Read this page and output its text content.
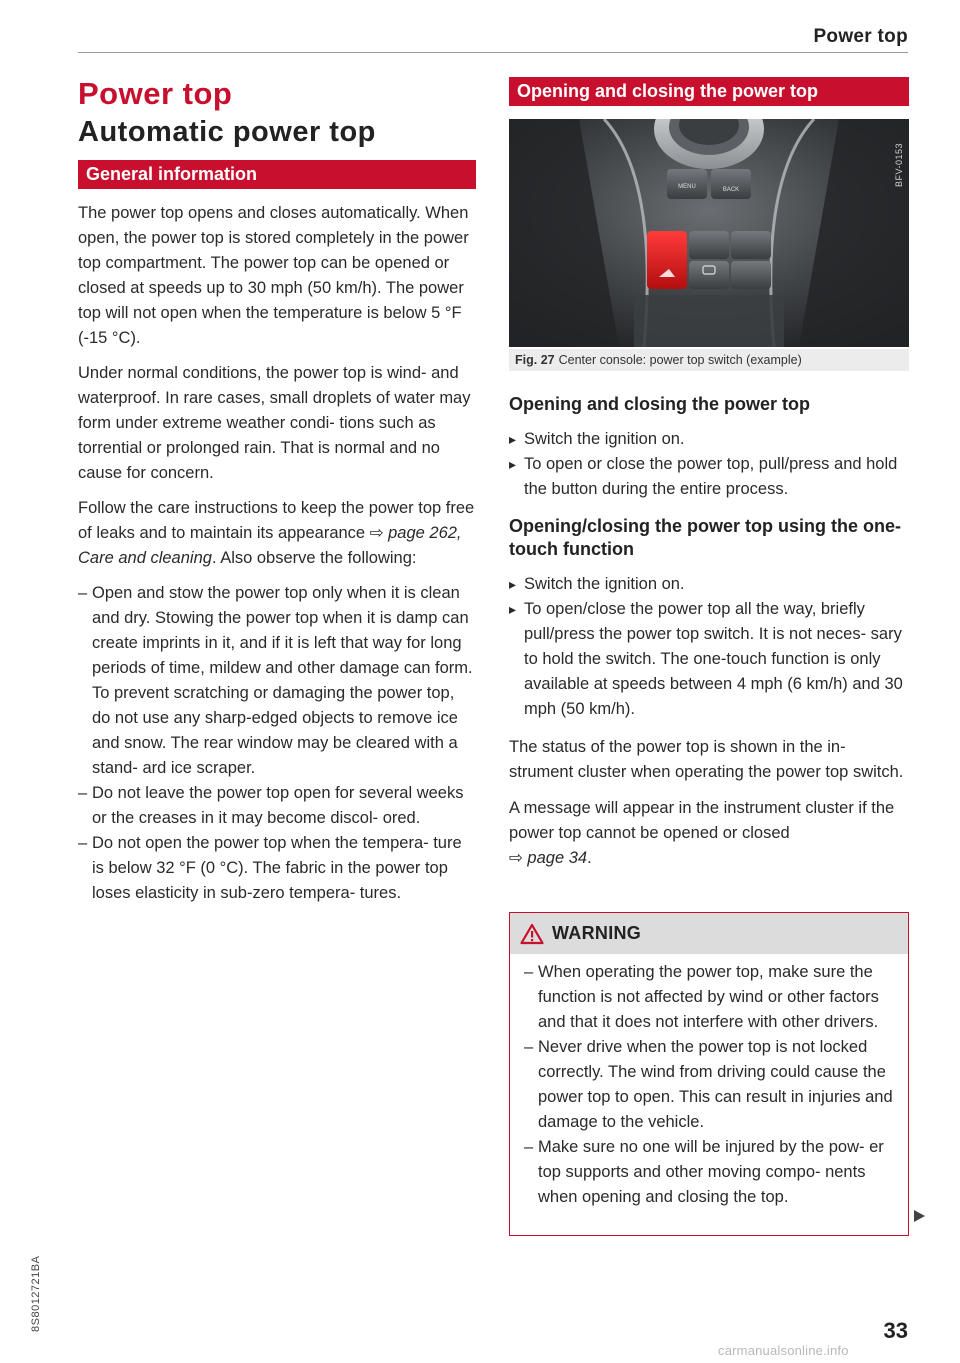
Power top
Power top
Automatic power top
General information

The power top opens and closes automatically. When open, the power top is stored completely in the power top compartment. The power top can be opened or closed at speeds up to 30 mph (50 km/h). The power top will not open when the temperature is below 5 °F (-15 °C).

Under normal conditions, the power top is wind- and waterproof. In rare cases, small droplets of water may form under extreme weather condi- tions such as torrential or prolonged rain. That is normal and no cause for concern.

Follow the care instructions to keep the power top free of leaks and to maintain its appearance ⇨ page 262, Care and cleaning. Also observe the following:

– Open and stow the power top only when it is clean and dry. Stowing the power top when it is damp can create imprints in it, and if it is left that way for long periods of time, mildew and other damage can form. To prevent scratching or damaging the power top, do not use any sharp-edged objects to remove ice and snow. The rear window may be cleared with a stand- ard ice scraper.
– Do not leave the power top open for several weeks or the creases in it may become discol- ored.
– Do not open the power top when the tempera- ture is below 32 °F (0 °C). The fabric in the power top loses elasticity in sub-zero tempera- tures.
Opening and closing the power top
MENU	BACK
BFV-0153
Fig. 27 Center console: power top switch (example)
Opening and closing the power top
▸ Switch the ignition on.
▸ To open or close the power top, pull/press and hold the button during the entire process.
Opening/closing the power top using the one-touch function
▸ Switch the ignition on.
▸ To open/close the power top all the way, briefly pull/press the power top switch. It is not neces- sary to hold the switch. The one-touch function is only available at speeds between 4 mph (6 km/h) and 30 mph (50 km/h).

The status of the power top is shown in the in- strument cluster when operating the power top switch.

A message will appear in the instrument cluster if the power top cannot be opened or closed
⇨ page 34.

WARNING
– When operating the power top, make sure the function is not affected by wind or other factors and that it does not interfere with other drivers.
– Never drive when the power top is not locked correctly. The wind from driving could cause the power top to open. This can result in injuries and damage to the vehicle.
– Make sure no one will be injured by the pow- er top supports and other moving compo- nents when opening and closing the top.
33
8S8012721BA
carmanualsonline.info
